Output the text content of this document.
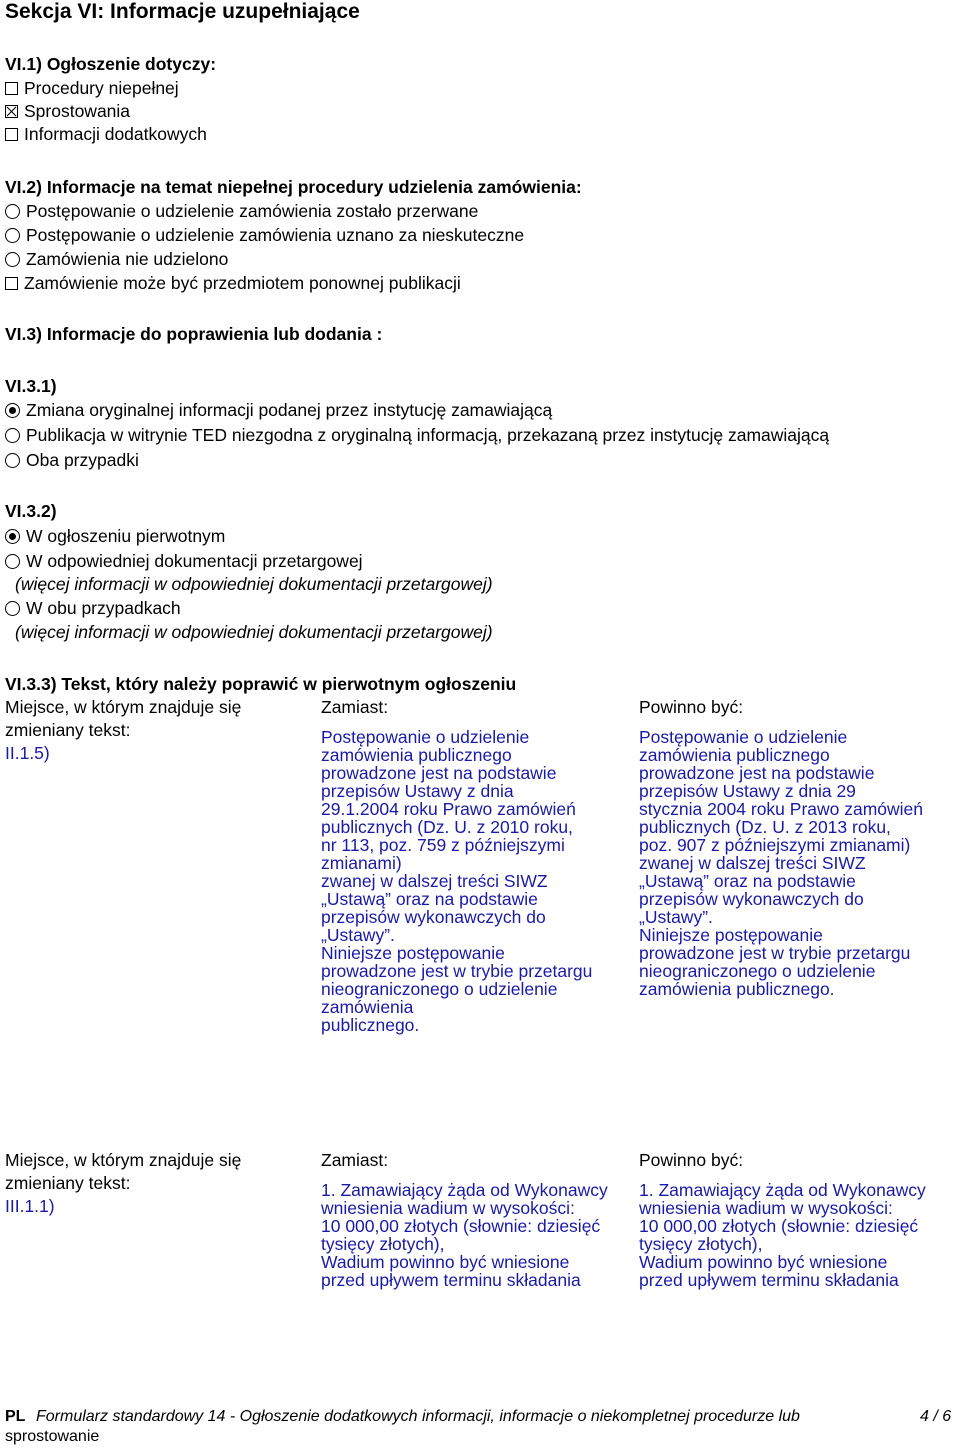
Sekcja VI: Informacje uzupełniające
VI.1) Ogłoszenie dotyczy:
Procedury niepełnej
Sprostowania
Informacji dodatkowych
VI.2) Informacje na temat niepełnej procedury udzielenia zamówienia:
Postępowanie o udzielenie zamówienia zostało przerwane
Postępowanie o udzielenie zamówienia uznano za nieskuteczne
Zamówienia nie udzielono
Zamówienie może być przedmiotem ponownej publikacji
VI.3) Informacje do poprawienia lub dodania :
VI.3.1)
Zmiana oryginalnej informacji podanej przez instytucję zamawiającą
Publikacja w witrynie TED niezgodna z oryginalną informacją, przekazaną przez instytucję zamawiającą
Oba przypadki
VI.3.2)
W ogłoszeniu pierwotnym
W odpowiedniej dokumentacji przetargowej
(więcej informacji w odpowiedniej dokumentacji przetargowej)
W obu przypadkach
(więcej informacji w odpowiedniej dokumentacji przetargowej)
VI.3.3) Tekst, który należy poprawić w pierwotnym ogłoszeniu
Miejsce, w którym znajduje się
zmieniany tekst:
II.1.5)
Zamiast:	Powinno być:
Postępowanie o udzielenie
zamówienia publicznego
prowadzone jest na podstawie
przepisów Ustawy z dnia
29.1.2004 roku Prawo zamówień
publicznych (Dz. U. z 2010 roku,
nr 113, poz. 759 z późniejszymi
zmianami)
zwanej w dalszej treści SIWZ
„Ustawą” oraz na podstawie
przepisów wykonawczych do
„Ustawy”.
Niniejsze postępowanie
prowadzone jest w trybie przetargu
nieograniczonego o udzielenie
zamówienia
publicznego.
Postępowanie o udzielenie
zamówienia publicznego
prowadzone jest na podstawie
przepisów Ustawy z dnia 29
stycznia 2004 roku Prawo zamówień
publicznych (Dz. U. z 2013 roku,
poz. 907 z późniejszymi zmianami)
zwanej w dalszej treści SIWZ
„Ustawą” oraz na podstawie
przepisów wykonawczych do
„Ustawy”.
Niniejsze postępowanie
prowadzone jest w trybie przetargu
nieograniczonego o udzielenie
zamówienia publicznego.
Miejsce, w którym znajduje się
zmieniany tekst:
III.1.1)
Zamiast:	Powinno być:
1. Zamawiający żąda od Wykonawcy
wniesienia wadium w wysokości:
10 000,00 złotych (słownie: dziesięć
tysięcy złotych),
Wadium powinno być wniesione
przed upływem terminu składania
1. Zamawiający żąda od Wykonawcy
wniesienia wadium w wysokości:
10 000,00 złotych (słownie: dziesięć
tysięcy złotych),
Wadium powinno być wniesione
przed upływem terminu składania
PL Formularz standardowy 14 - Ogłoszenie dodatkowych informacji, informacje o niekompletnej procedurze lub
sprostowanie
4 / 6
